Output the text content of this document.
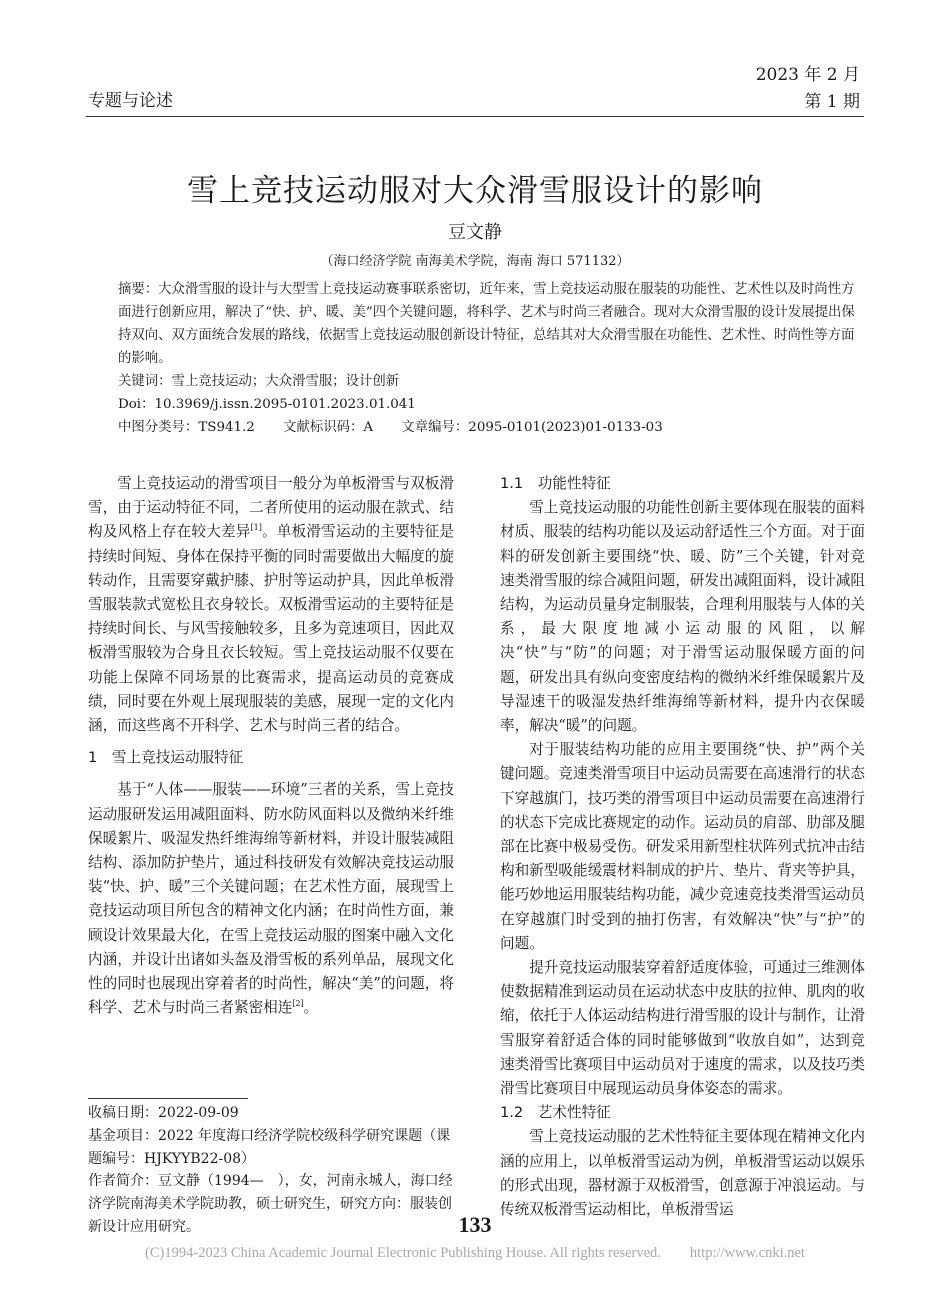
专题与论述
2023 年 2 月
第 1 期
雪上竞技运动服对大众滑雪服设计的影响
豆文静
（海口经济学院 南海美术学院，海南 海口 571132）

摘要：大众滑雪服的设计与大型雪上竞技运动赛事联系密切，近年来，雪上竞技运动服在服装的功能性、艺术性以及时尚性方面进行创新应用，解决了“快、护、暖、美”四个关键问题，将科学、艺术与时尚三者融合。现对大众滑雪服的设计发展提出保持双向、双方面统合发展的路线，依据雪上竞技运动服创新设计特征，总结其对大众滑雪服在功能性、艺术性、时尚性等方面的影响。

关键词：雪上竞技运动；大众滑雪服；设计创新

Doi：10.3969/j.issn.2095-0101.2023.01.041

中图分类号：TS941.2 文献标识码：A 文章编号：2095-0101(2023)01-0133-03

雪上竞技运动的滑雪项目一般分为单板滑雪与双板滑雪，由于运动特征不同，二者所使用的运动服在款式、结构及风格上存在较大差异[1]。单板滑雪运动的主要特征是持续时间短、身体在保持平衡的同时需要做出大幅度的旋转动作，且需要穿戴护膝、护肘等运动护具，因此单板滑雪服装款式宽松且衣身较长。双板滑雪运动的主要特征是持续时间长、与风雪接触较多，且多为竞速项目，因此双板滑雪服较为合身且衣长较短。雪上竞技运动服不仅要在功能上保障不同场景的比赛需求，提高运动员的竞赛成绩，同时要在外观上展现服装的美感，展现一定的文化内涵，而这些离不开科学、艺术与时尚三者的结合。

1　雪上竞技运动服特征

基于“人体——服装——环境”三者的关系，雪上竞技运动服研发运用减阻面料、防水防风面料以及微纳米纤维保暖絮片、吸湿发热纤维海绵等新材料，并设计服装减阻结构、添加防护垫片，通过科技研发有效解决竞技运动服装“快、护、暖”三个关键问题；在艺术性方面，展现雪上竞技运动项目所包含的精神文化内涵；在时尚性方面，兼顾设计效果最大化，在雪上竞技运动服的图案中融入文化内涵，并设计出诸如头盔及滑雪板的系列单品，展现文化性的同时也展现出穿着者的时尚性，解决“美”的问题，将科学、艺术与时尚三者紧密相连[2]。

收稿日期：2022-09-09

基金项目：2022 年度海口经济学院校级科学研究课题（课题编号：HJKYYB22-08）

作者简介：豆文静（1994—　），女，河南永城人，海口经济学院南海美术学院助教，硕士研究生，研究方向：服装创新设计应用研究。

1.1　功能性特征

雪上竞技运动服的功能性创新主要体现在服装的面料材质、服装的结构功能以及运动舒适性三个方面。对于面料的研发创新主要围绕“快、暖、防”三个关键，针对竞速类滑雪服的综合减阻问题，研发出减阻面料，设计减阻结构，为运动员量身定制服装，合理利用服装与人体的关系，最大限度地减小运动服的风阻，以解决“快”与“防”的问题；对于滑雪运动服保暖方面的问题，研发出具有纵向变密度结构的微纳米纤维保暖絮片及导湿速干的吸湿发热纤维海绵等新材料，提升内衣保暖率，解决“暖”的问题。

对于服装结构功能的应用主要围绕“快、护”两个关键问题。竞速类滑雪项目中运动员需要在高速滑行的状态下穿越旗门，技巧类的滑雪项目中运动员需要在高速滑行的状态下完成比赛规定的动作。运动员的肩部、肋部及腿部在比赛中极易受伤。研发采用新型柱状阵列式抗冲击结构和新型吸能缓震材料制成的护片、垫片、背夹等护具，能巧妙地运用服装结构功能，减少竞速竞技类滑雪运动员在穿越旗门时受到的抽打伤害，有效解决“快”与“护”的问题。

提升竞技运动服装穿着舒适度体验，可通过三维测体使数据精准到运动员在运动状态中皮肤的拉伸、肌肉的收缩，依托于人体运动结构进行滑雪服的设计与制作，让滑雪服穿着舒适合体的同时能够做到“收放自如”，达到竞速类滑雪比赛项目中运动员对于速度的需求，以及技巧类滑雪比赛项目中展现运动员身体姿态的需求。

1.2　艺术性特征

雪上竞技运动服的艺术性特征主要体现在精神文化内涵的应用上，以单板滑雪运动为例，单板滑雪运动以娱乐的形式出现，器材源于双板滑雪，创意源于冲浪运动。与传统双板滑雪运动相比，单板滑雪运

133
(C)1994-2023 China Academic Journal Electronic Publishing House. All rights reserved.　　http://www.cnki.net
